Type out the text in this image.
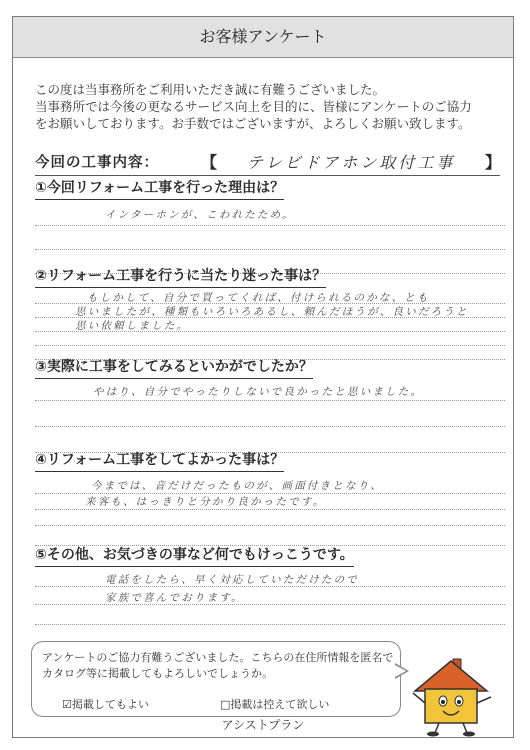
お客様アンケート
この度は当事務所をご利用いただき誠に有難うございました。
当事務所では今後の更なるサービス向上を目的に、皆様にアンケートのご協力
をお願いしております。お手数ではございますが、よろしくお願い致します。
今回の工事内容：	【 テレビドアホン取付工事 】
①今回リフォーム工事を行った理由は？
インターホンが、こわれたため。
②リフォーム工事を行うに当たり迷った事は？
もしかして、自分で買ってくれば、付けられるのかな、とも
思いましたが、種類もいろいろあるし、頼んだほうが、良いだろうと
思い依頼しました。
③実際に工事をしてみるといかがでしたか？
やはり、自分でやったりしないで良かったと思いました。
④リフォーム工事をしてよかった事は？
今までは、音だけだったものが、画面付きとなり、
来客も、はっきりと分かり良かったです。
⑤その他、お気づきの事など何でもけっこうです。
電話をしたら、早く対応していただけたので
家族で喜んでおります。
アンケートのご協力有難うございました。こちらの在住所情報を匿名で
カタログ等に掲載してもよろしいでしょうか。
☑掲載してもよい	□掲載は控えて欲しい
アシストプラン
